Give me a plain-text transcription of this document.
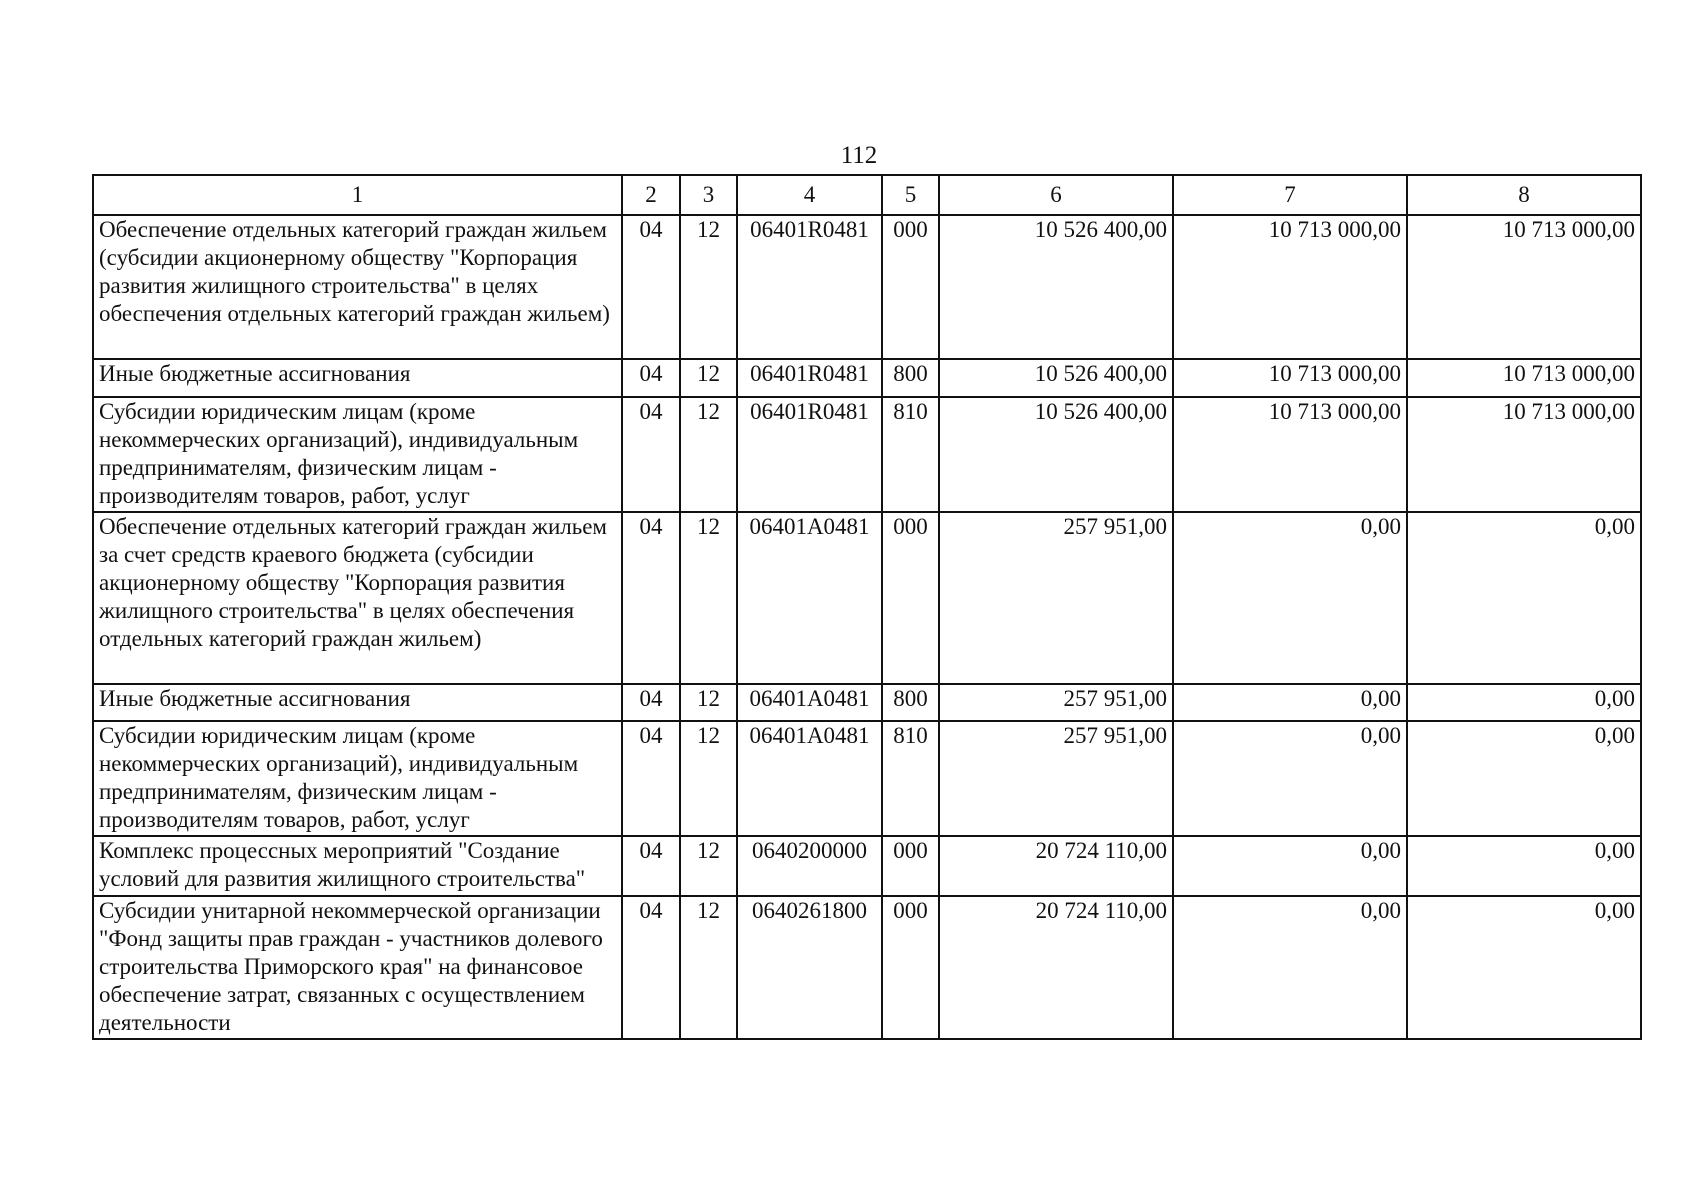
112
1	2	3	4	5	6	7	8
Обеспечение отдельных категорий граждан жильем (субсидии акционерному обществу "Корпорация развития жилищного строительства" в целях обеспечения отдельных категорий граждан жильем)	04	12	06401R0481	000	10 526 400,00	10 713 000,00	10 713 000,00
Иные бюджетные ассигнования	04	12	06401R0481	800	10 526 400,00	10 713 000,00	10 713 000,00
Субсидии юридическим лицам (кроме некоммерческих организаций), индивидуальным предпринимателям, физическим лицам - производителям товаров, работ, услуг	04	12	06401R0481	810	10 526 400,00	10 713 000,00	10 713 000,00
Обеспечение отдельных категорий граждан жильем за счет средств краевого бюджета (субсидии акционерному обществу "Корпорация развития жилищного строительства" в целях обеспечения отдельных категорий граждан жильем)	04	12	06401A0481	000	257 951,00	0,00	0,00
Иные бюджетные ассигнования	04	12	06401A0481	800	257 951,00	0,00	0,00
Субсидии юридическим лицам (кроме некоммерческих организаций), индивидуальным предпринимателям, физическим лицам - производителям товаров, работ, услуг	04	12	06401A0481	810	257 951,00	0,00	0,00
Комплекс процессных мероприятий "Создание условий для развития жилищного строительства"	04	12	0640200000	000	20 724 110,00	0,00	0,00
Субсидии унитарной некоммерческой организации "Фонд защиты прав граждан - участников долевого строительства Приморского края" на финансовое обеспечение затрат, связанных с осуществлением деятельности	04	12	0640261800	000	20 724 110,00	0,00	0,00
